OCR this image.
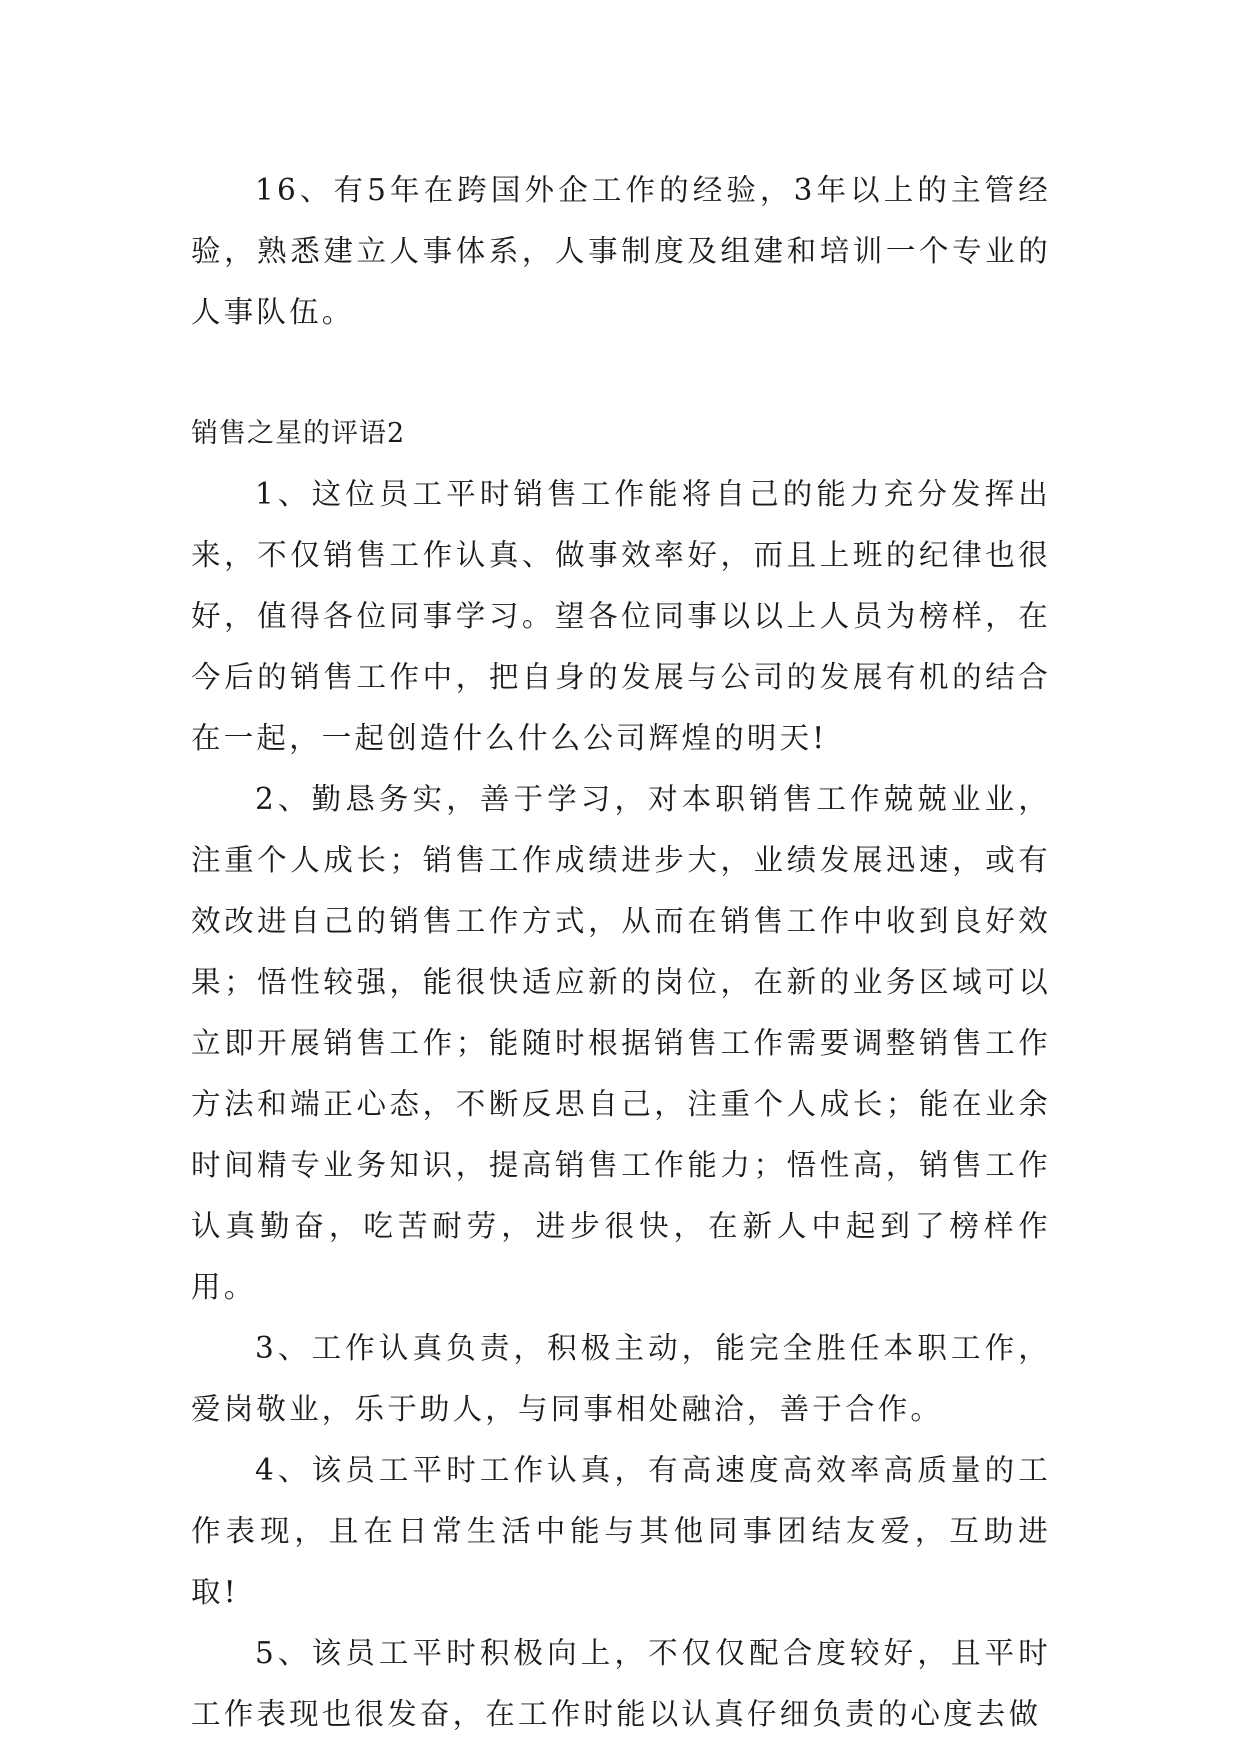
16、有5年在跨国外企工作的经验，3年以上的主管经验，熟悉建立人事体系，人事制度及组建和培训一个专业的人事队伍。

销售之星的评语2

1、这位员工平时销售工作能将自己的能力充分发挥出来，不仅销售工作认真、做事效率好，而且上班的纪律也很好，值得各位同事学习。望各位同事以以上人员为榜样，在今后的销售工作中，把自身的发展与公司的发展有机的结合在一起，一起创造什么什么公司辉煌的明天!

2、勤恳务实，善于学习，对本职销售工作兢兢业业，注重个人成长；销售工作成绩进步大，业绩发展迅速，或有效改进自己的销售工作方式，从而在销售工作中收到良好效果；悟性较强，能很快适应新的岗位，在新的业务区域可以立即开展销售工作；能随时根据销售工作需要调整销售工作方法和端正心态，不断反思自己，注重个人成长；能在业余时间精专业务知识，提高销售工作能力；悟性高，销售工作认真勤奋，吃苦耐劳，进步很快，在新人中起到了榜样作用。

3、工作认真负责，积极主动，能完全胜任本职工作，爱岗敬业，乐于助人，与同事相处融洽，善于合作。

4、该员工平时工作认真，有高速度高效率高质量的工作表现，且在日常生活中能与其他同事团结友爱，互助进取!

5、该员工平时积极向上，不仅仅配合度较好，且平时工作表现也很发奋，在工作时能以认真仔细负责的心度去做
